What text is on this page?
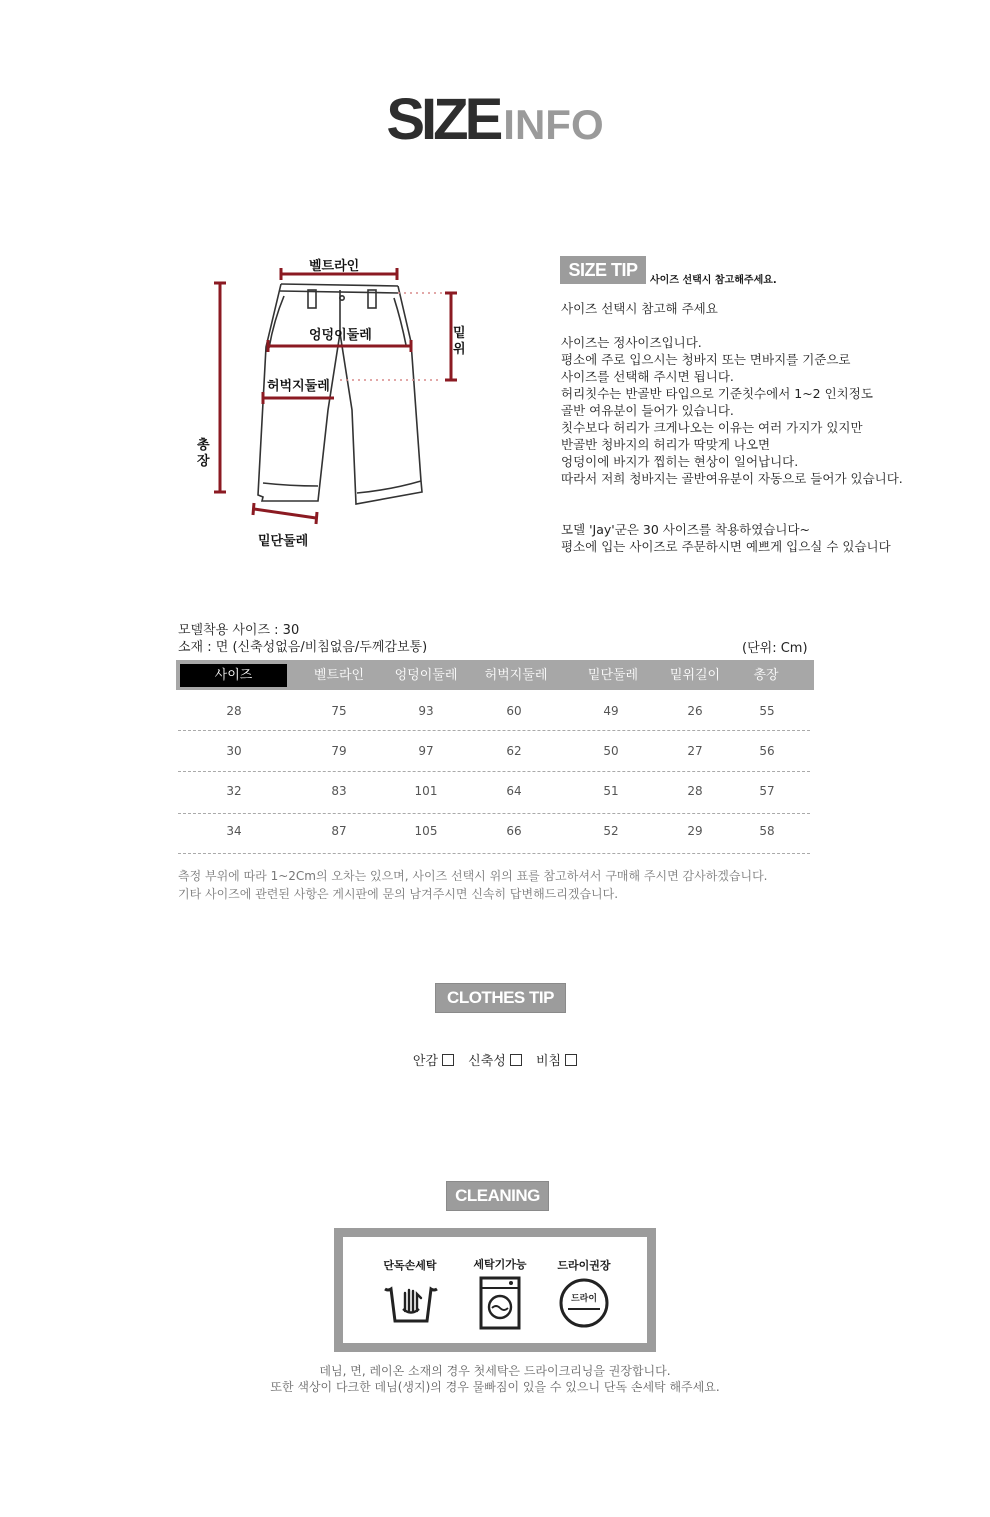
SIZEINFO
벨트라인
엉덩이둘레
허벅지둘레
밑단둘레
밑
위
총
장
SIZE TIP
사이즈 선택시 참고해주세요.

사이즈 선택시 참고해 주세요

사이즈는 정사이즈입니다.

평소에 주로 입으시는 청바지 또는 면바지를 기준으로

사이즈를 선택해 주시면 됩니다.

허리칫수는 반골반 타입으로 기준칫수에서 1~2 인치정도

골반 여유분이 들어가 있습니다.

칫수보다 허리가 크게나오는 이유는 여러 가지가 있지만

반골반 청바지의 허리가 딱맞게 나오면

엉덩이에 바지가 찝히는 현상이 일어납니다.

따라서 저희 청바지는 골반여유분이 자동으로 들어가 있습니다.

모델 'Jay'군은 30 사이즈를 착용하였습니다~

평소에 입는 사이즈로 주문하시면 예쁘게 입으실 수 있습니다

모델착용 사이즈 : 30
소재 : 면 (신축성없음/비침없음/두께감보통)	(단위: Cm)
사이즈	벨트라인 엉덩이둘레 허벅지둘레	밑단둘레 밑위길이	총장
28	75	93	60	49	26	55
30	79	97	62	50	27	56
32	83	101	64	51	28	57
34	87	105	66	52	29	58
측정 부위에 따라 1~2Cm의 오차는 있으며, 사이즈 선택시 위의 표를 참고하셔서 구매해 주시면 감사하겠습니다.
기타 사이즈에 관련된 사항은 게시판에 문의 남겨주시면 신속히 답변해드리겠습니다.
CLOTHES TIP
안감 신축성 비침
CLEANING
단독손세탁	세탁기가능	드라이권장
드라이
데님, 면, 레이온 소재의 경우 첫세탁은 드라이크리닝을 권장합니다.
또한 색상이 다크한 데님(생지)의 경우 물빠짐이 있을 수 있으니 단독 손세탁 해주세요.
